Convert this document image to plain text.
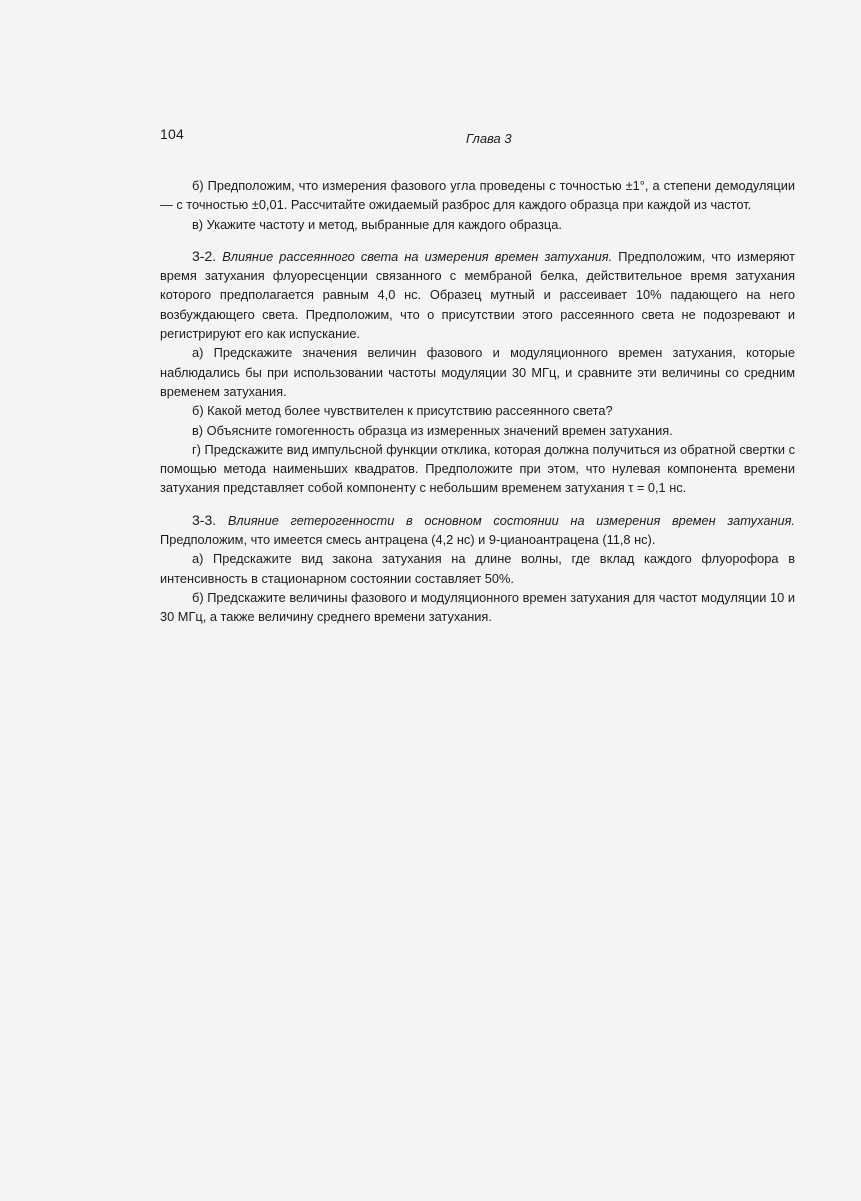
104	Глава 3

б) Предположим, что измерения фазового угла проведены с точностью ±1°, а степени демодуляции — с точностью ±0,01. Рассчитайте ожидаемый разброс для каждого образца при каждой из частот.

в) Укажите частоту и метод, выбранные для каждого образца.

3-2. Влияние рассеянного света на измерения времен затухания. Предположим, что измеряют время затухания флуоресценции связанного с мембраной белка, действительное время затухания которого предполагается равным 4,0 нс. Образец мутный и рассеивает 10% падающего на него возбуждающего света. Предположим, что о присутствии этого рассеянного света не подозревают и регистрируют его как испускание.

а) Предскажите значения величин фазового и модуляционного времен затухания, которые наблюдались бы при использовании частоты модуляции 30 МГц, и сравните эти величины со средним временем затухания.

б) Какой метод более чувствителен к присутствию рассеянного света?

в) Объясните гомогенность образца из измеренных значений времен затухания.

г) Предскажите вид импульсной функции отклика, которая должна получиться из обратной свертки с помощью метода наименьших квадратов. Предположите при этом, что нулевая компонента времени затухания представляет собой компоненту с небольшим временем затухания τ = 0,1 нс.

3-3. Влияние гетерогенности в основном состоянии на измерения времен затухания. Предположим, что имеется смесь антрацена (4,2 нс) и 9-цианоантрацена (11,8 нс).

а) Предскажите вид закона затухания на длине волны, где вклад каждого флуорофора в интенсивность в стационарном состоянии составляет 50%.

б) Предскажите величины фазового и модуляционного времен затухания для частот модуляции 10 и 30 МГц, а также величину среднего времени затухания.
